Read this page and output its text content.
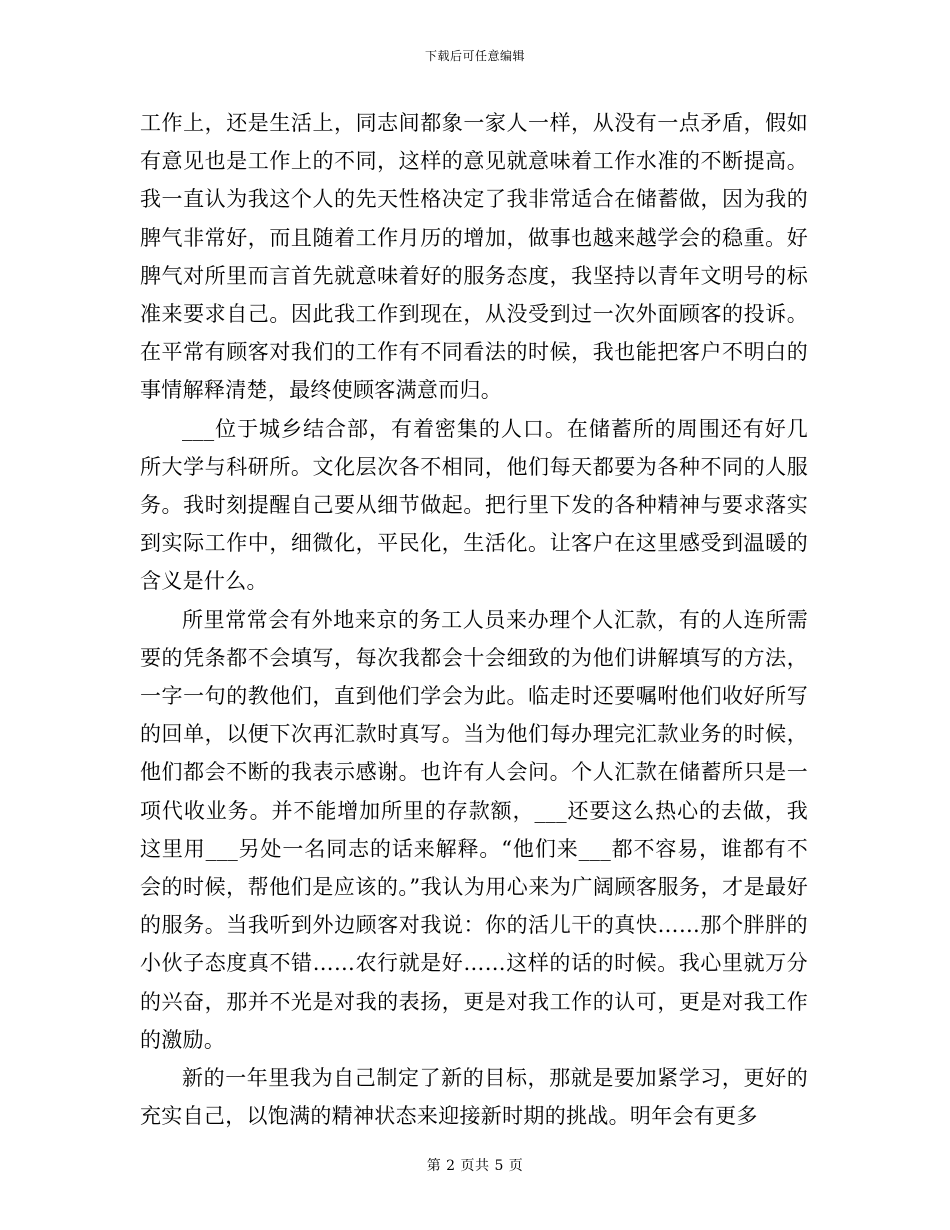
下载后可任意编辑

工作上，还是生活上，同志间都象一家人一样，从没有一点矛盾，假如有意见也是工作上的不同，这样的意见就意味着工作水准的不断提高。我一直认为我这个人的先天性格决定了我非常适合在储蓄做，因为我的脾气非常好，而且随着工作月历的增加，做事也越来越学会的稳重。好脾气对所里而言首先就意味着好的服务态度，我坚持以青年文明号的标准来要求自己。因此我工作到现在，从没受到过一次外面顾客的投诉。在平常有顾客对我们的工作有不同看法的时候，我也能把客户不明白的事情解释清楚，最终使顾客满意而归。

___位于城乡结合部，有着密集的人口。在储蓄所的周围还有好几所大学与科研所。文化层次各不相同，他们每天都要为各种不同的人服务。我时刻提醒自己要从细节做起。把行里下发的各种精神与要求落实到实际工作中，细微化，平民化，生活化。让客户在这里感受到温暖的含义是什么。

所里常常会有外地来京的务工人员来办理个人汇款，有的人连所需要的凭条都不会填写，每次我都会十会细致的为他们讲解填写的方法，一字一句的教他们，直到他们学会为此。临走时还要嘱咐他们收好所写的回单，以便下次再汇款时真写。当为他们每办理完汇款业务的时候，他们都会不断的我表示感谢。也许有人会问。个人汇款在储蓄所只是一项代收业务。并不能增加所里的存款额，___还要这么热心的去做，我这里用___另处一名同志的话来解释。“他们来___都不容易，谁都有不会的时候，帮他们是应该的。”我认为用心来为广阔顾客服务，才是最好的服务。当我听到外边顾客对我说：你的活儿干的真快……那个胖胖的小伙子态度真不错……农行就是好……这样的话的时候。我心里就万分的兴奋，那并不光是对我的表扬，更是对我工作的认可，更是对我工作的激励。

新的一年里我为自己制定了新的目标，那就是要加紧学习，更好的充实自己，以饱满的精神状态来迎接新时期的挑战。明年会有更多

第 2 页共 5 页
